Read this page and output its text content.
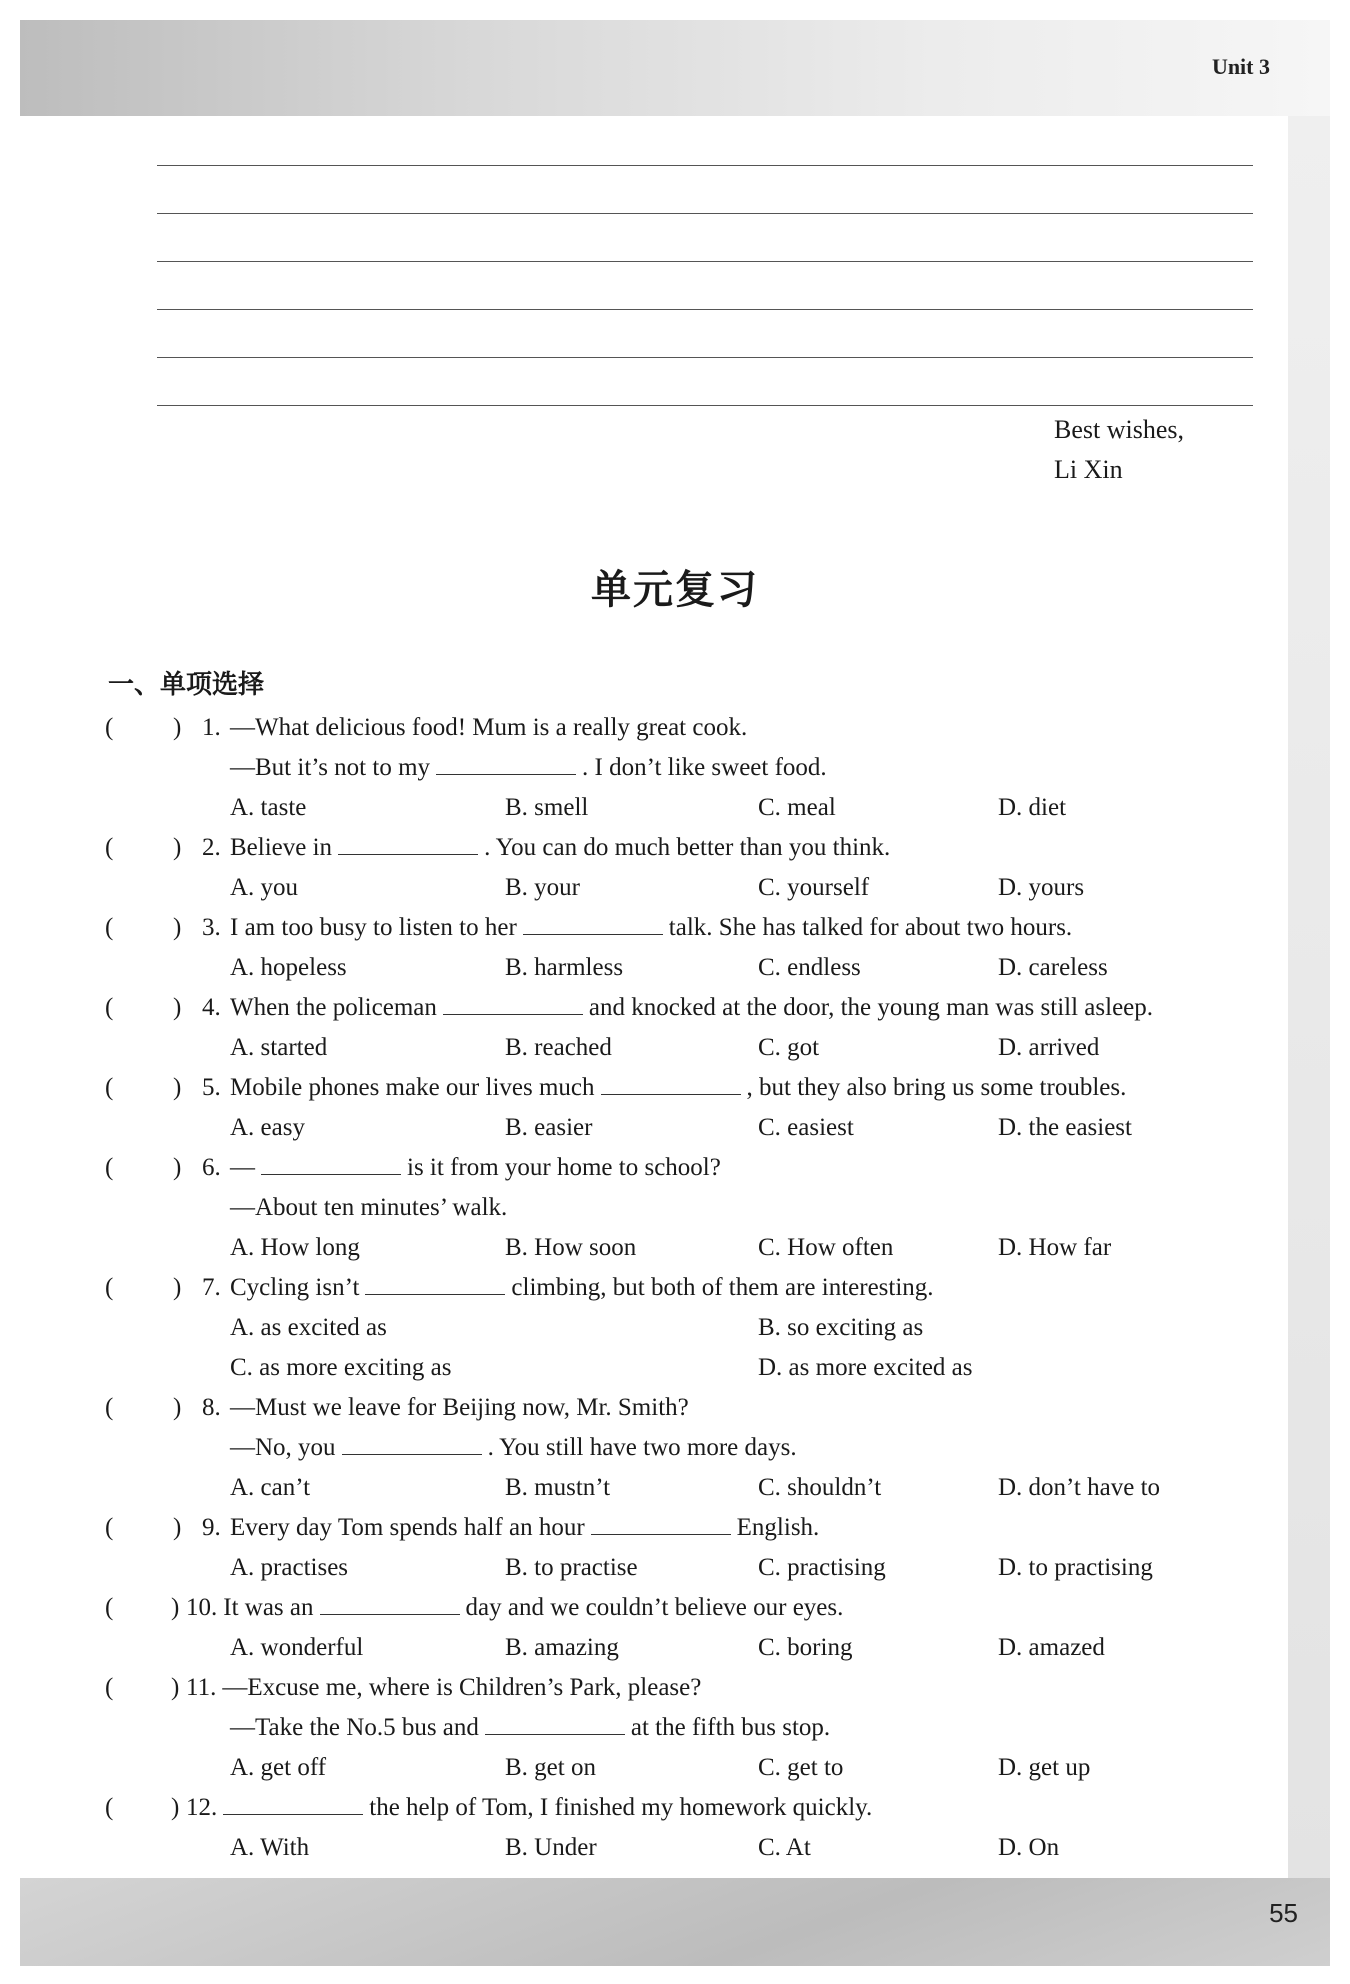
Unit 3
Best wishes,
Li Xin
单元复习
一、单项选择
( ) 1. —What delicious food! Mum is a really great cook.
—But it’s not to my	. I don’t like sweet food.
A. taste	B. smell	C. meal	D. diet
( ) 2. Believe in	. You can do much better than you think.
A. you	B. your	C. yourself	D. yours
( ) 3. I am too busy to listen to her	talk. She has talked for about two hours.
A. hopeless	B. harmless	C. endless	D. careless
( ) 4. When the policeman	and knocked at the door, the young man was still asleep.
A. started	B. reached	C. got	D. arrived
( ) 5. Mobile phones make our lives much	, but they also bring us some troubles.
A. easy	B. easier	C. easiest	D. the easiest
( ) 6. —	is it from your home to school?
—About ten minutes’ walk.
A. How long	B. How soon	C. How often	D. How far
( ) 7. Cycling isn’t	climbing, but both of them are interesting.
A. as excited as	B. so exciting as
C. as more exciting as	D. as more excited as
( ) 8. —Must we leave for Beijing now, Mr. Smith?
—No, you	. You still have two more days.
A. can’t	B. mustn’t	C. shouldn’t	D. don’t have to
( ) 9. Every day Tom spends half an hour	English.
A. practises	B. to practise	C. practising	D. to practising
( ) 10. It was an	day and we couldn’t believe our eyes.
A. wonderful	B. amazing	C. boring	D. amazed
( ) 11. —Excuse me, where is Children’s Park, please?
—Take the No.5 bus and	at the fifth bus stop.
A. get off	B. get on	C. get to	D. get up
( ) 12.	the help of Tom, I finished my homework quickly.
A. With	B. Under	C. At	D. On
55
